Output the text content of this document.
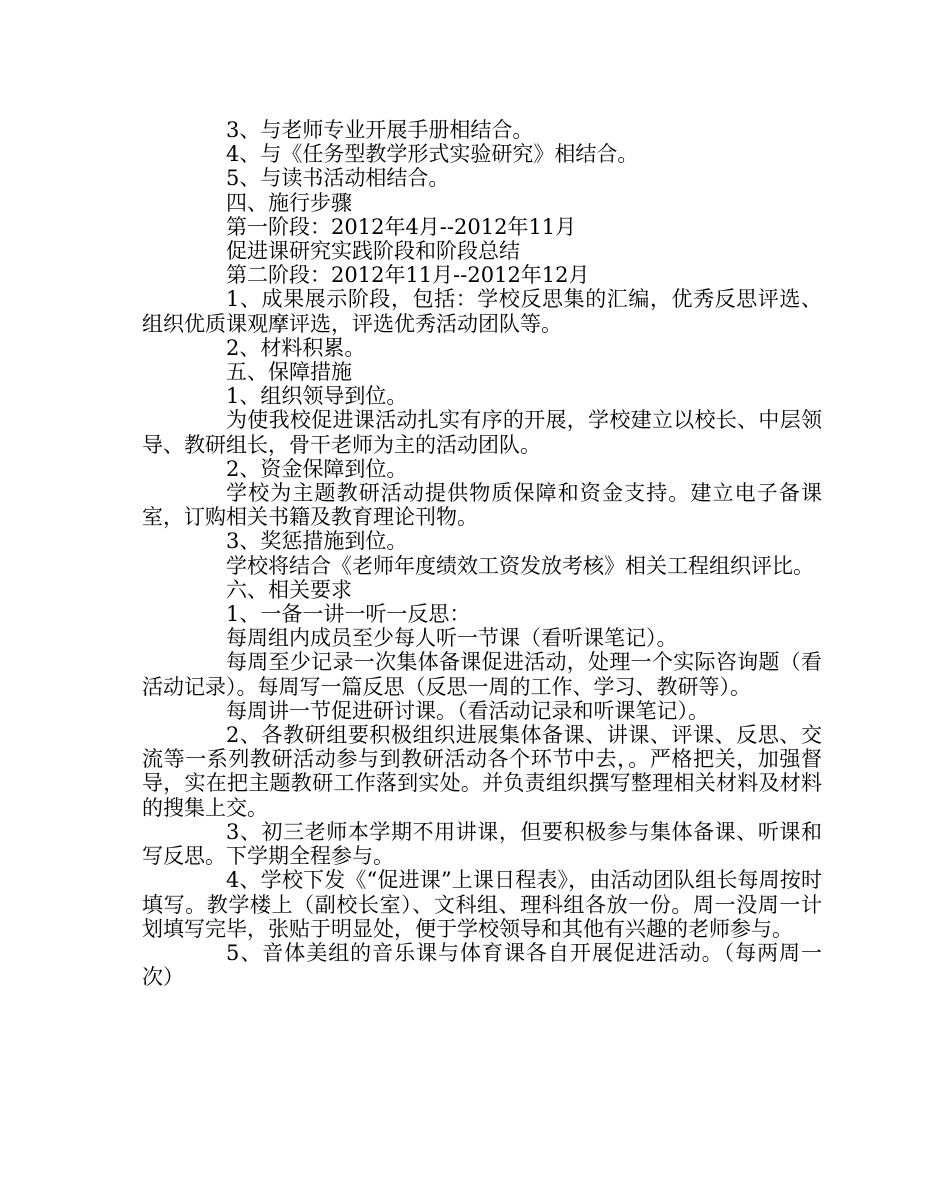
3、与老师专业开展手册相结合。

4、与《任务型教学形式实验研究》相结合。

5、与读书活动相结合。

四、施行步骤

第一阶段：2012年4月--2012年11月

促进课研究实践阶段和阶段总结

第二阶段：2012年11月--2012年12月

1、成果展示阶段，包括：学校反思集的汇编，优秀反思评选、组织优质课观摩评选，评选优秀活动团队等。

2、材料积累。

五、保障措施

1、组织领导到位。

为使我校促进课活动扎实有序的开展，学校建立以校长、中层领导、教研组长，骨干老师为主的活动团队。

2、资金保障到位。

学校为主题教研活动提供物质保障和资金支持。建立电子备课室，订购相关书籍及教育理论刊物。

3、奖惩措施到位。

学校将结合《老师年度绩效工资发放考核》相关工程组织评比。

六、相关要求

1、一备一讲一听一反思：

每周组内成员至少每人听一节课（看听课笔记）。

每周至少记录一次集体备课促进活动，处理一个实际咨询题（看活动记录）。每周写一篇反思（反思一周的工作、学习、教研等）。

每周讲一节促进研讨课。（看活动记录和听课笔记）。

2、各教研组要积极组织进展集体备课、讲课、评课、反思、交流等一系列教研活动参与到教研活动各个环节中去，。严格把关，加强督导，实在把主题教研工作落到实处。并负责组织撰写整理相关材料及材料的搜集上交。

3、初三老师本学期不用讲课，但要积极参与集体备课、听课和写反思。下学期全程参与。

4、学校下发《“促进课”上课日程表》，由活动团队组长每周按时填写。教学楼上（副校长室）、文科组、理科组各放一份。周一没周一计划填写完毕，张贴于明显处，便于学校领导和其他有兴趣的老师参与。

5、音体美组的音乐课与体育课各自开展促进活动。（每两周一次）
